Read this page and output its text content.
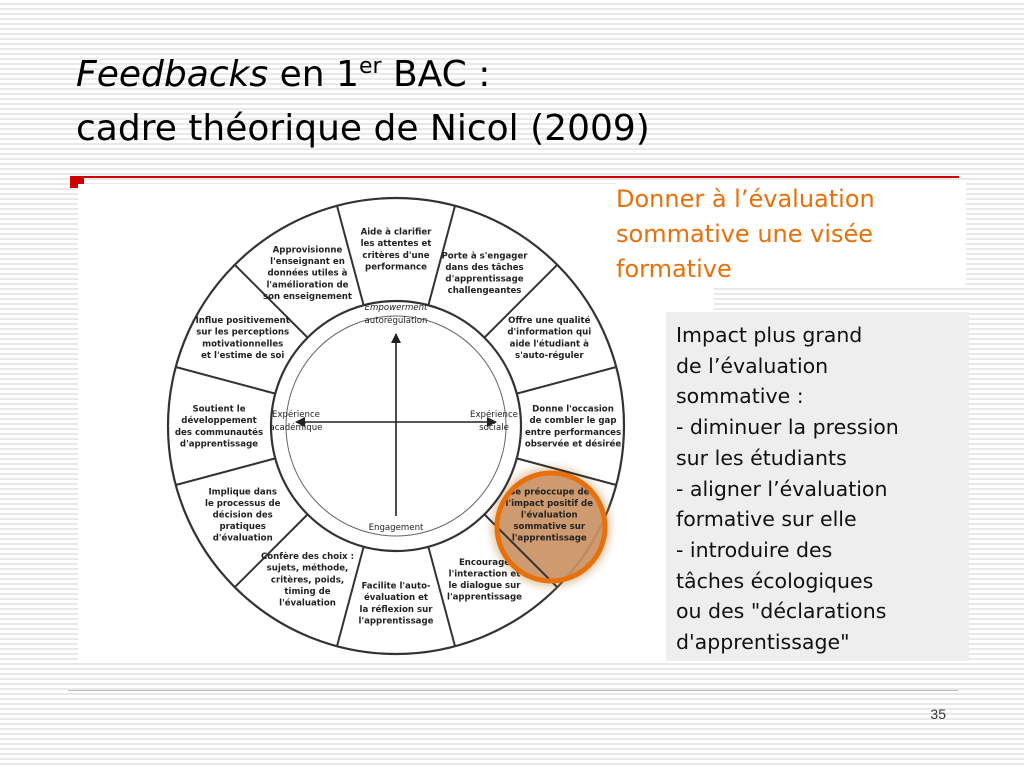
Feedbacks en 1er BAC :
cadre théorique de Nicol (2009)
Aide à clarifier les attentes et critères d'une performance
Porte à s'engager dans des tâches d'apprentissage challengeantes
Offre une qualité d'information qui aide l'étudiant à s'auto-réguler
Donne l'occasion de combler le gap entre performances observée et désirée
Se préoccupe de l'impact positif de l'évaluation sommative sur l'apprentissage
Encourage l'interaction et le dialogue sur l'apprentissage
Facilite l'auto-évaluation et la réflexion sur l'apprentissage
Confère des choix : sujets, méthode, critères, poids, timing de l'évaluation
Implique dans le processus de décision des pratiques d'évaluation
Soutient le développement des communautés d'apprentissage
Influe positivement sur les perceptions motivationnelles et l'estime de soi
Approvisionne l'enseignant en données utiles à l'amélioration de son enseignement
Empowerment
autorégulation
Expérience
académique
Expérience
sociale
Engagement
Donner à l’évaluation
sommative une visée
formative
Impact plus grand
de l’évaluation
sommative :
- diminuer la pression
sur les étudiants
- aligner l’évaluation
formative sur elle
- introduire des
tâches écologiques
ou des "déclarations
d'apprentissage"
35
